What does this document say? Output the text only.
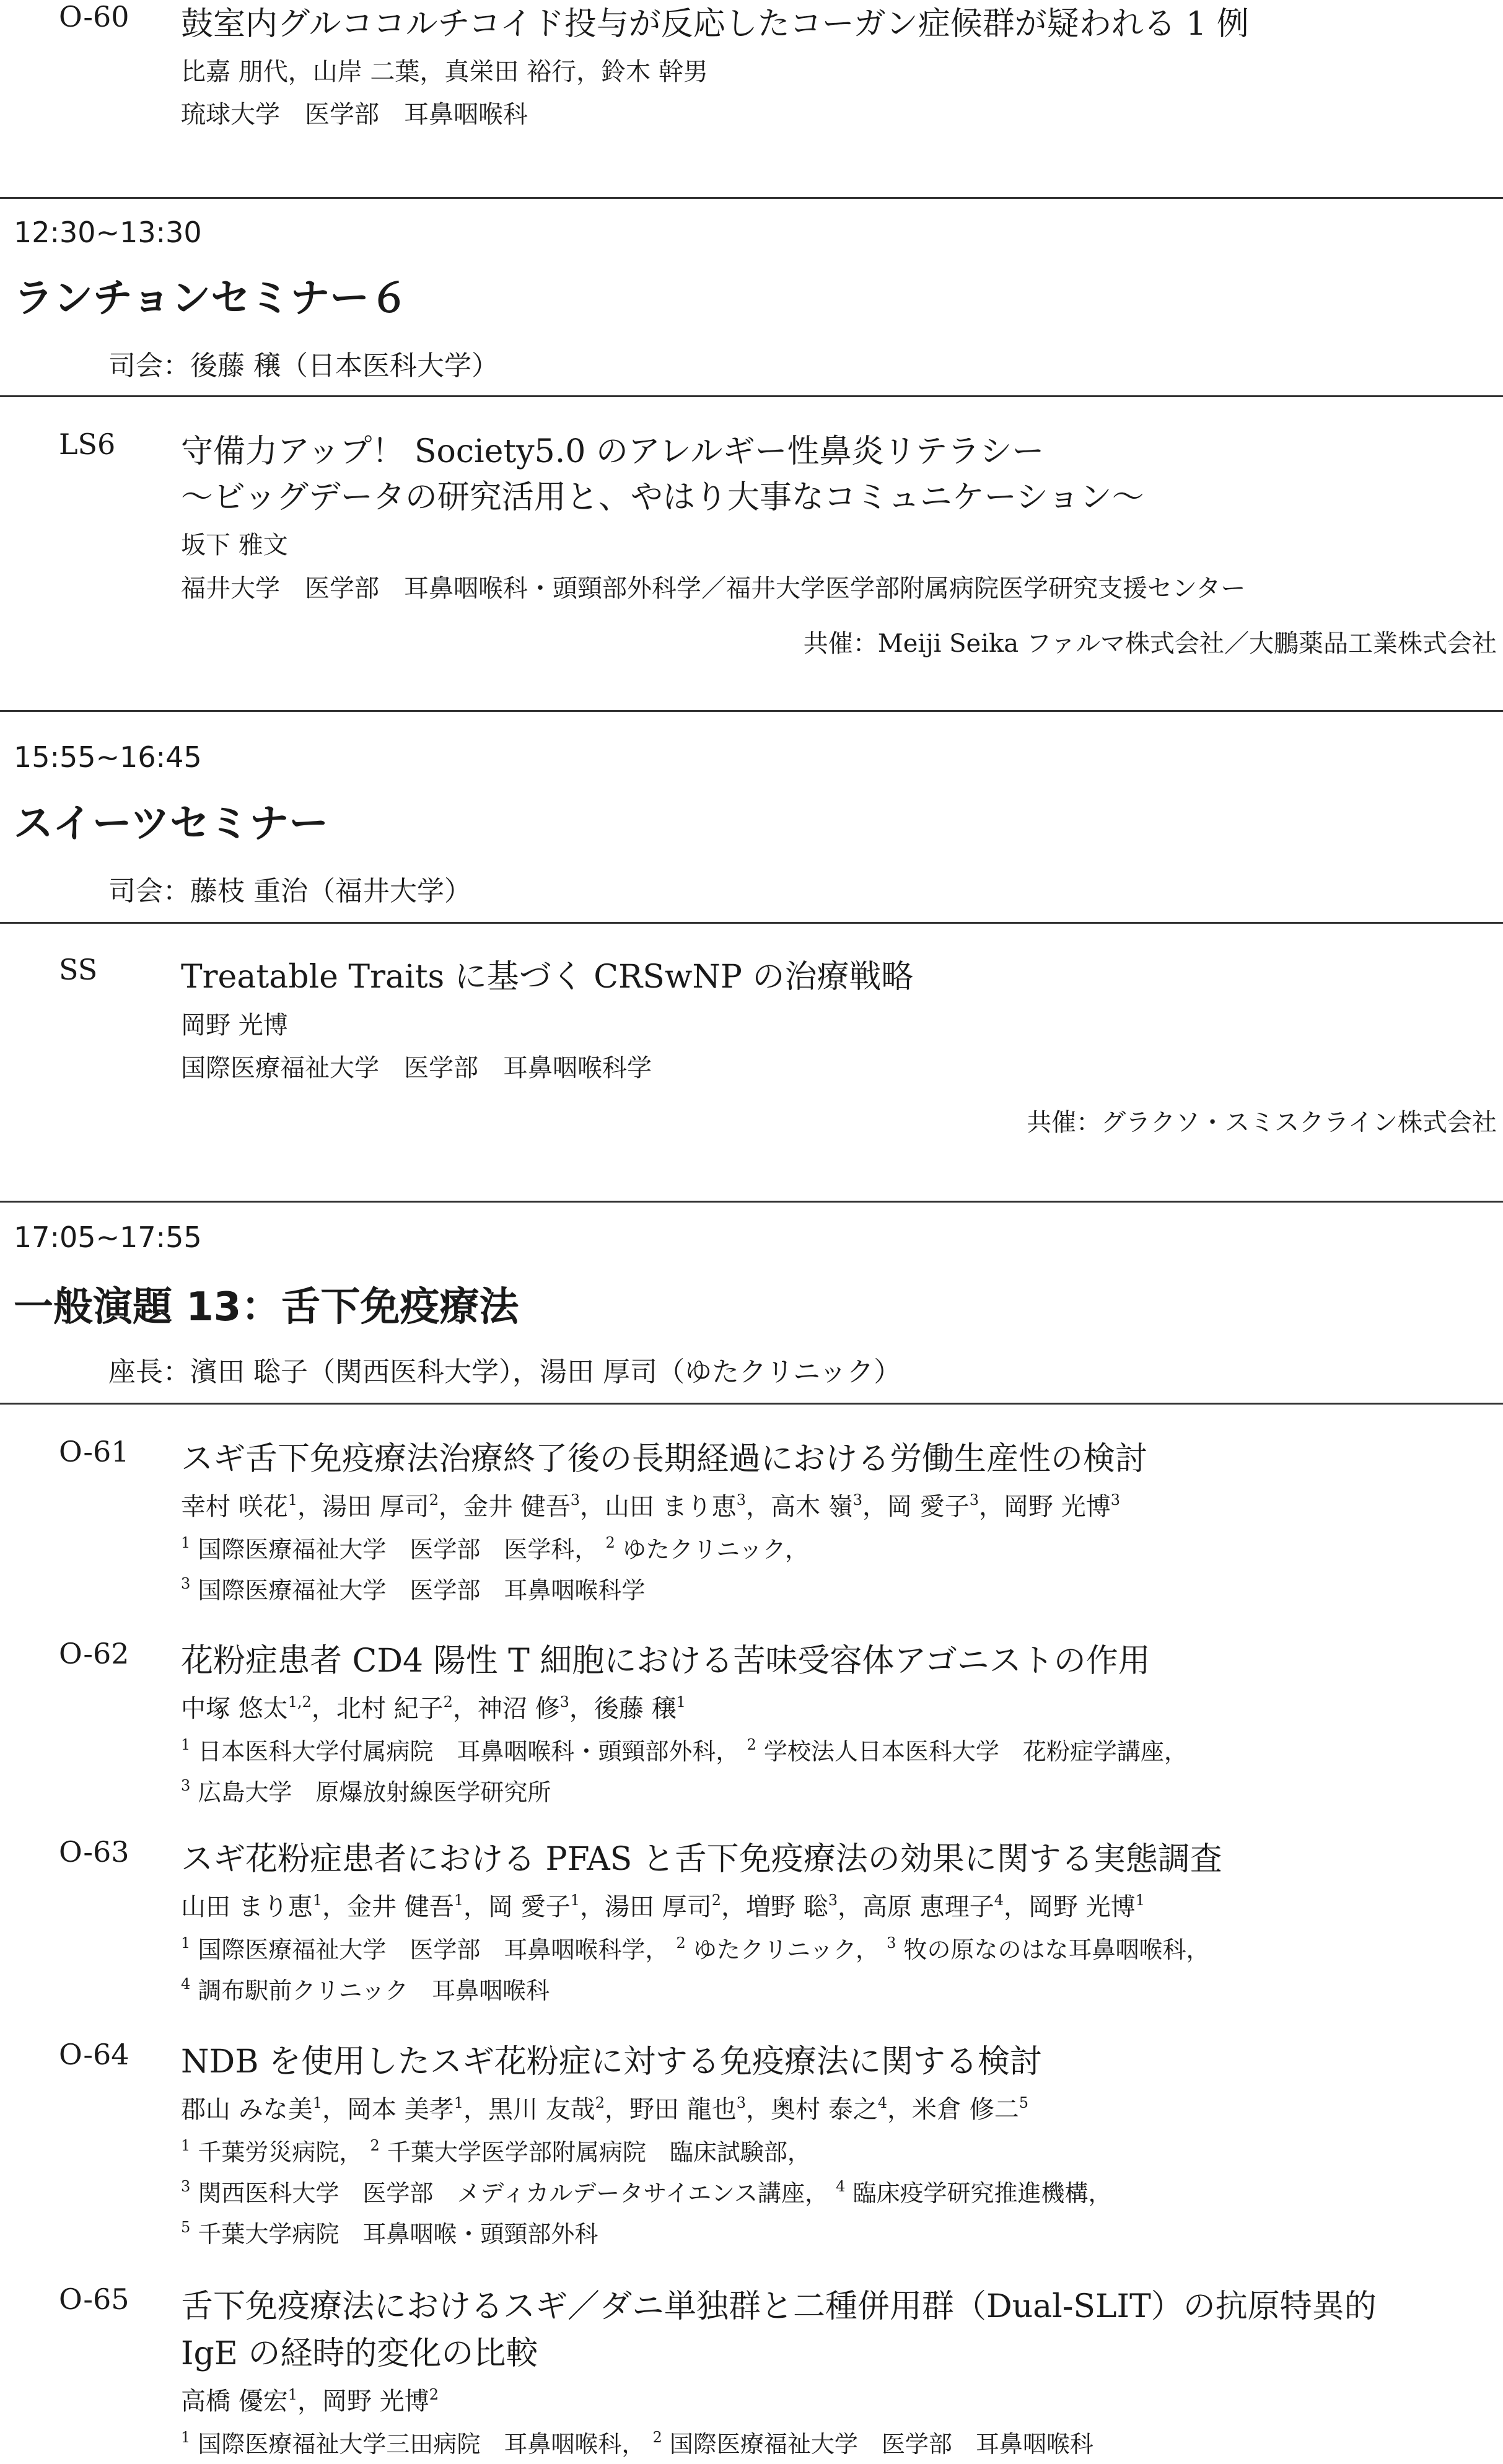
O-60 鼓室内グルココルチコイド投与が反応したコーガン症候群が疑われる 1 例
比嘉 朋代，山岸 二葉，真栄田 裕行，鈴木 幹男
琉球大学　医学部　耳鼻咽喉科
12:30~13:30
ランチョンセミナー６
司会：後藤 穣（日本医科大学）
LS6 守備力アップ！ Society5.0 のアレルギー性鼻炎リテラシー
～ビッグデータの研究活用と、やはり大事なコミュニケーション～
坂下 雅文
福井大学　医学部　耳鼻咽喉科・頭頸部外科学／福井大学医学部附属病院医学研究支援センター
共催：Meiji Seika ファルマ株式会社／大鵬薬品工業株式会社
15:55~16:45
スイーツセミナー
司会：藤枝 重治（福井大学）
SS	Treatable Traits に基づく CRSwNP の治療戦略
岡野 光博
国際医療福祉大学　医学部　耳鼻咽喉科学
共催：グラクソ・スミスクライン株式会社
17:05~17:55
一般演題 13：舌下免疫療法
座長：濱田 聡子（関西医科大学），湯田 厚司（ゆたクリニック）
O-61 スギ舌下免疫療法治療終了後の長期経過における労働生産性の検討
幸村 咲花$^1$，湯田 厚司$^2$，金井 健吾$^3$，山田 まり恵$^3$，高木 嶺$^3$，岡 愛子$^3$，岡野 光博$^3$
$^1$ 国際医療福祉大学　医学部　医学科， $^2$ ゆたクリニック，
$^3$ 国際医療福祉大学　医学部　耳鼻咽喉科学
O-62 花粉症患者 CD4 陽性 T 細胞における苦味受容体アゴニストの作用
中塚 悠太$^{1,2}$，北村 紀子$^2$，神沼 修$^3$，後藤 穣$^1$
$^1$ 日本医科大学付属病院　耳鼻咽喉科・頭頸部外科， $^2$ 学校法人日本医科大学　花粉症学講座，
$^3$ 広島大学　原爆放射線医学研究所
O-63 スギ花粉症患者における PFAS と舌下免疫療法の効果に関する実態調査
山田 まり恵$^1$，金井 健吾$^1$，岡 愛子$^1$，湯田 厚司$^2$，増野 聡$^3$，高原 恵理子$^4$，岡野 光博$^1$
$^1$ 国際医療福祉大学　医学部　耳鼻咽喉科学， $^2$ ゆたクリニック， $^3$ 牧の原なのはな耳鼻咽喉科，
$^4$ 調布駅前クリニック　耳鼻咽喉科
O-64 NDB を使用したスギ花粉症に対する免疫療法に関する検討
郡山 みな美$^1$，岡本 美孝$^1$，黒川 友哉$^2$，野田 龍也$^3$，奥村 泰之$^4$，米倉 修二$^5$
$^1$ 千葉労災病院， $^2$ 千葉大学医学部附属病院　臨床試験部，
$^3$ 関西医科大学　医学部　メディカルデータサイエンス講座， $^4$ 臨床疫学研究推進機構，
$^5$ 千葉大学病院　耳鼻咽喉・頭頸部外科
O-65 舌下免疫療法におけるスギ／ダニ単独群と二種併用群（Dual-SLIT）の抗原特異的
IgE の経時的変化の比較
高橋 優宏$^1$，岡野 光博$^2$
$^1$ 国際医療福祉大学三田病院　耳鼻咽喉科， $^2$ 国際医療福祉大学　医学部　耳鼻咽喉科
